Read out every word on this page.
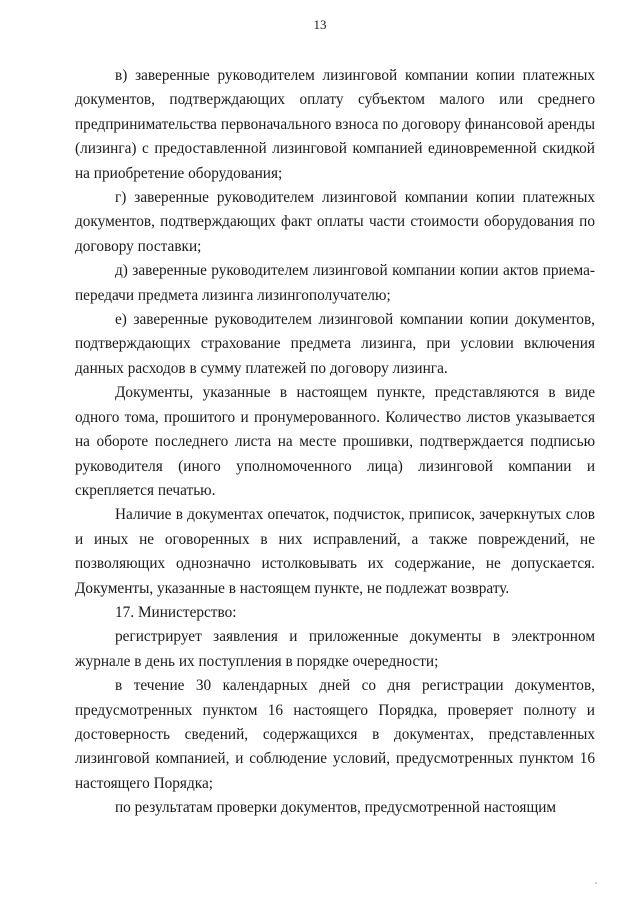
13

в) заверенные руководителем лизинговой компании копии платежных документов, подтверждающих оплату субъектом малого или среднего предпринимательства первоначального взноса по договору финансовой аренды (лизинга) с предоставленной лизинговой компанией единовременной скидкой на приобретение оборудования;

г) заверенные руководителем лизинговой компании копии платежных документов, подтверждающих факт оплаты части стоимости оборудования по договору поставки;

д) заверенные руководителем лизинговой компании копии актов приема-передачи предмета лизинга лизингополучателю;

е) заверенные руководителем лизинговой компании копии документов, подтверждающих страхование предмета лизинга, при условии включения данных расходов в сумму платежей по договору лизинга.

Документы, указанные в настоящем пункте, представляются в виде одного тома, прошитого и пронумерованного. Количество листов указывается на обороте последнего листа на месте прошивки, подтверждается подписью руководителя (иного уполномоченного лица) лизинговой компании и скрепляется печатью.

Наличие в документах опечаток, подчисток, приписок, зачеркнутых слов и иных не оговоренных в них исправлений, а также повреждений, не позволяющих однозначно истолковывать их содержание, не допускается. Документы, указанные в настоящем пункте, не подлежат возврату.

17. Министерство:

регистрирует заявления и приложенные документы в электронном журнале в день их поступления в порядке очередности;

в течение 30 календарных дней со дня регистрации документов, предусмотренных пунктом 16 настоящего Порядка, проверяет полноту и достоверность сведений, содержащихся в документах, представленных лизинговой компанией, и соблюдение условий, предусмотренных пунктом 16 настоящего Порядка;

по результатам проверки документов, предусмотренной настоящим
